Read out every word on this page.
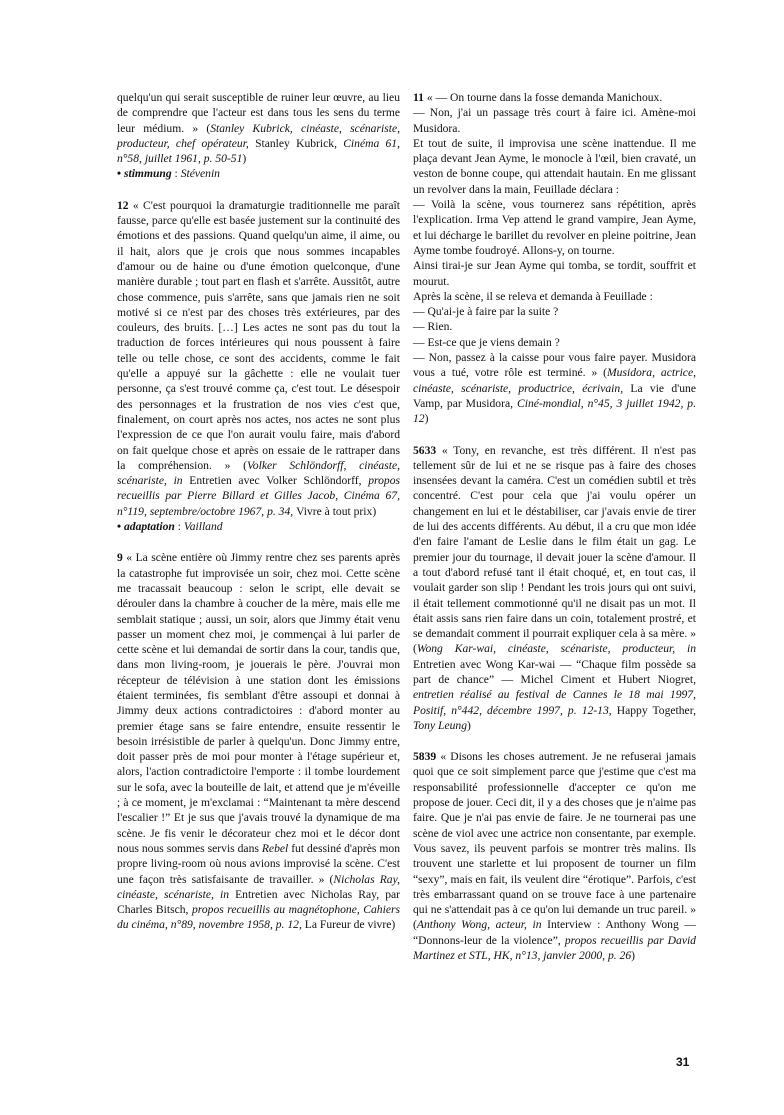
quelqu'un qui serait susceptible de ruiner leur œuvre, au lieu de comprendre que l'acteur est dans tous les sens du terme leur médium. » (Stanley Kubrick, cinéaste, scénariste, producteur, chef opérateur, Stanley Kubrick, Cinéma 61, n°58, juillet 1961, p. 50-51)

• stimmung : Stévenin

12 « C'est pourquoi la dramaturgie traditionnelle me paraît fausse, parce qu'elle est basée justement sur la continuité des émotions et des passions. Quand quelqu'un aime, il aime, ou il hait, alors que je crois que nous sommes incapables d'amour ou de haine ou d'une émotion quelconque, d'une manière durable ; tout part en flash et s'arrête. Aussitôt, autre chose commence, puis s'arrête, sans que jamais rien ne soit motivé si ce n'est par des choses très extérieures, par des couleurs, des bruits. […] Les actes ne sont pas du tout la traduction de forces intérieures qui nous poussent à faire telle ou telle chose, ce sont des accidents, comme le fait qu'elle a appuyé sur la gâchette : elle ne voulait tuer personne, ça s'est trouvé comme ça, c'est tout. Le désespoir des personnages et la frustration de nos vies c'est que, finalement, on court après nos actes, nos actes ne sont plus l'expression de ce que l'on aurait voulu faire, mais d'abord on fait quelque chose et après on essaie de le rattraper dans la compréhension. » (Volker Schlöndorff, cinéaste, scénariste, in Entretien avec Volker Schlöndorff, propos recueillis par Pierre Billard et Gilles Jacob, Cinéma 67, n°119, septembre/octobre 1967, p. 34, Vivre à tout prix)

• adaptation : Vailland

9 « La scène entière où Jimmy rentre chez ses parents après la catastrophe fut improvisée un soir, chez moi. Cette scène me tracassait beaucoup : selon le script, elle devait se dérouler dans la chambre à coucher de la mère, mais elle me semblait statique ; aussi, un soir, alors que Jimmy était venu passer un moment chez moi, je commençai à lui parler de cette scène et lui demandai de sortir dans la cour, tandis que, dans mon living-room, je jouerais le père. J'ouvrai mon récepteur de télévision à une station dont les émissions étaient terminées, fis semblant d'être assoupi et donnai à Jimmy deux actions contradictoires : d'abord monter au premier étage sans se faire entendre, ensuite ressentir le besoin irrésistible de parler à quelqu'un. Donc Jimmy entre, doit passer près de moi pour monter à l'étage supérieur et, alors, l'action contradictoire l'emporte : il tombe lourdement sur le sofa, avec la bouteille de lait, et attend que je m'éveille ; à ce moment, je m'exclamai : “Maintenant ta mère descend l'escalier !” Et je sus que j'avais trouvé la dynamique de ma scène. Je fis venir le décorateur chez moi et le décor dont nous nous sommes servis dans Rebel fut dessiné d'après mon propre living-room où nous avions improvisé la scène. C'est une façon très satisfaisante de travailler. » (Nicholas Ray, cinéaste, scénariste, in Entretien avec Nicholas Ray, par Charles Bitsch, propos recueillis au magnétophone, Cahiers du cinéma, n°89, novembre 1958, p. 12, La Fureur de vivre)

11 « — On tourne dans la fosse demanda Manichoux.
— Non, j'ai un passage très court à faire ici. Amène-moi Musidora.
Et tout de suite, il improvisa une scène inattendue. Il me plaça devant Jean Ayme, le monocle à l'œil, bien cravaté, un veston de bonne coupe, qui attendait hautain. En me glissant un revolver dans la main, Feuillade déclara :
— Voilà la scène, vous tournerez sans répétition, après l'explication. Irma Vep attend le grand vampire, Jean Ayme, et lui décharge le barillet du revolver en pleine poitrine, Jean Ayme tombe foudroyé. Allons-y, on tourne.
Ainsi tirai-je sur Jean Ayme qui tomba, se tordit, souffrit et mourut.
Après la scène, il se releva et demanda à Feuillade :
— Qu'ai-je à faire par la suite ?
— Rien.
— Est-ce que je viens demain ?
— Non, passez à la caisse pour vous faire payer. Musidora vous a tué, votre rôle est terminé. » (Musidora, actrice, cinéaste, scénariste, productrice, écrivain, La vie d'une Vamp, par Musidora, Ciné-mondial, n°45, 3 juillet 1942, p. 12)

5633 « Tony, en revanche, est très différent. Il n'est pas tellement sûr de lui et ne se risque pas à faire des choses insensées devant la caméra. C'est un comédien subtil et très concentré. C'est pour cela que j'ai voulu opérer un changement en lui et le déstabiliser, car j'avais envie de tirer de lui des accents différents. Au début, il a cru que mon idée d'en faire l'amant de Leslie dans le film était un gag. Le premier jour du tournage, il devait jouer la scène d'amour. Il a tout d'abord refusé tant il était choqué, et, en tout cas, il voulait garder son slip ! Pendant les trois jours qui ont suivi, il était tellement commotionné qu'il ne disait pas un mot. Il était assis sans rien faire dans un coin, totalement prostré, et se demandait comment il pourrait expliquer cela à sa mère. » (Wong Kar-wai, cinéaste, scénariste, producteur, in Entretien avec Wong Kar-wai — “Chaque film possède sa part de chance” — Michel Ciment et Hubert Niogret, entretien réalisé au festival de Cannes le 18 mai 1997, Positif, n°442, décembre 1997, p. 12-13, Happy Together, Tony Leung)

5839 « Disons les choses autrement. Je ne refuserai jamais quoi que ce soit simplement parce que j'estime que c'est ma responsabilité professionnelle d'accepter ce qu'on me propose de jouer. Ceci dit, il y a des choses que je n'aime pas faire. Que je n'ai pas envie de faire. Je ne tournerai pas une scène de viol avec une actrice non consentante, par exemple. Vous savez, ils peuvent parfois se montrer très malins. Ils trouvent une starlette et lui proposent de tourner un film “sexy”, mais en fait, ils veulent dire “érotique”. Parfois, c'est très embarrassant quand on se trouve face à une partenaire qui ne s'attendait pas à ce qu'on lui demande un truc pareil. » (Anthony Wong, acteur, in Interview : Anthony Wong — “Donnons-leur de la violence”, propos recueillis par David Martinez et STL, HK, n°13, janvier 2000, p. 26)

31
